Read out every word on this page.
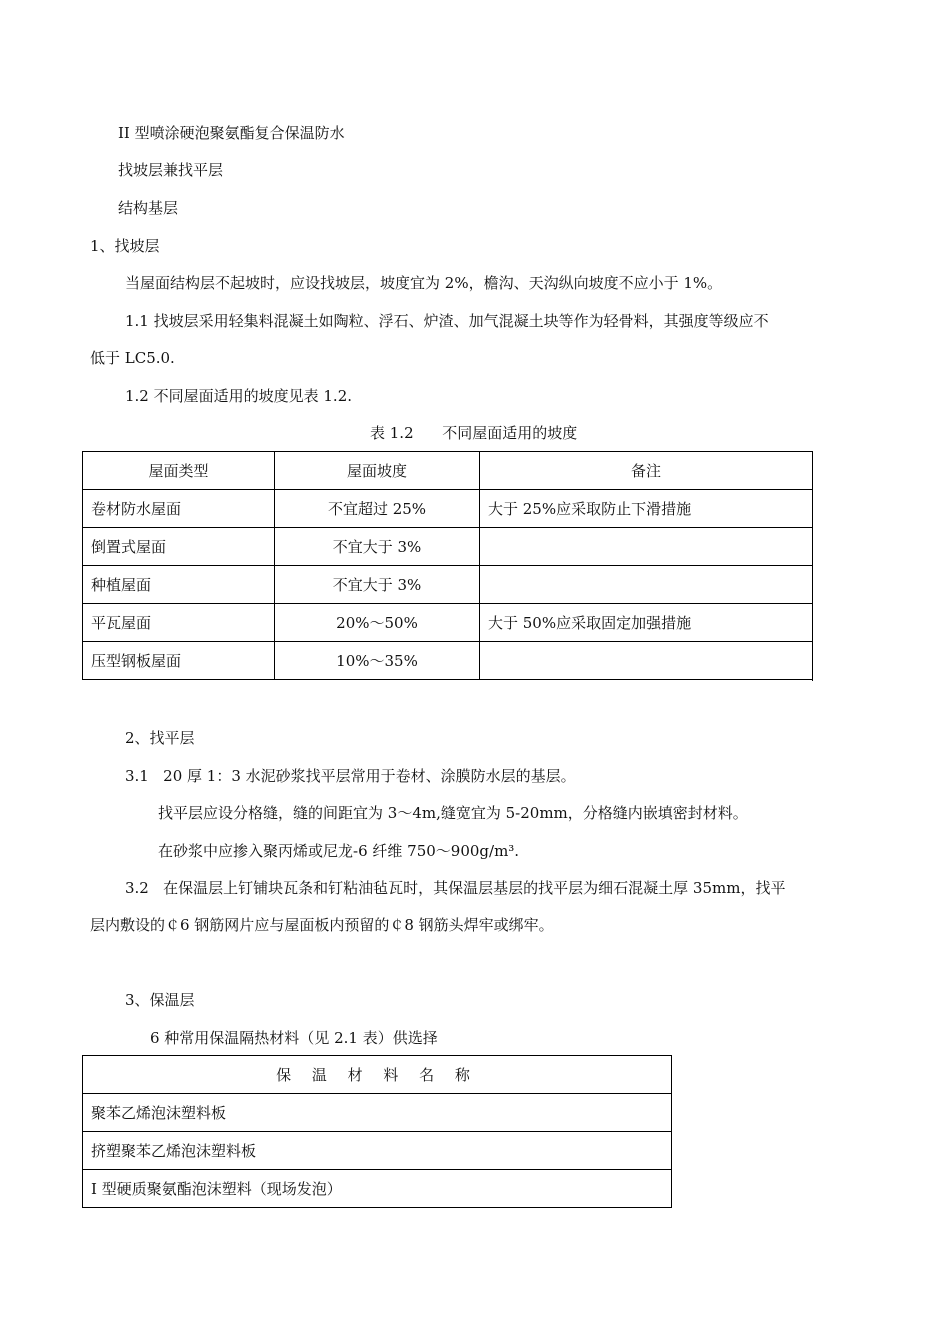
II 型喷涂硬泡聚氨酯复合保温防水
找坡层兼找平层
结构基层
1、找坡层
当屋面结构层不起坡时，应设找坡层，坡度宜为 2%，檐沟、天沟纵向坡度不应小于 1%。
1.1 找坡层采用轻集料混凝土如陶粒、浮石、炉渣、加气混凝土块等作为轻骨料，其强度等级应不
低于 LC5.0.
1.2 不同屋面适用的坡度见表 1.2.
表 1.2      不同屋面适用的坡度
屋面类型	屋面坡度	备注
卷材防水屋面	不宜超过 25%	大于 25%应采取防止下滑措施
倒置式屋面	不宜大于 3%	
种植屋面	不宜大于 3%	
平瓦屋面	20%～50%	大于 50%应采取固定加强措施
压型钢板屋面	10%～35%	
2、找平层
3.1   20 厚 1：3 水泥砂浆找平层常用于卷材、涂膜防水层的基层。
找平层应设分格缝，缝的间距宜为 3～4m,缝宽宜为 5-20mm，分格缝内嵌填密封材料。
在砂浆中应掺入聚丙烯或尼龙-6 纤维 750～900g/m³.
3.2   在保温层上钉铺块瓦条和钉粘油毡瓦时，其保温层基层的找平层为细石混凝土厚 35mm，找平
层内敷设的￠6 钢筋网片应与屋面板内预留的￠8 钢筋头焊牢或绑牢。
3、保温层
6 种常用保温隔热材料（见 2.1 表）供选择
保 温 材 料 名 称
聚苯乙烯泡沫塑料板
挤塑聚苯乙烯泡沫塑料板
I 型硬质聚氨酯泡沫塑料（现场发泡）
